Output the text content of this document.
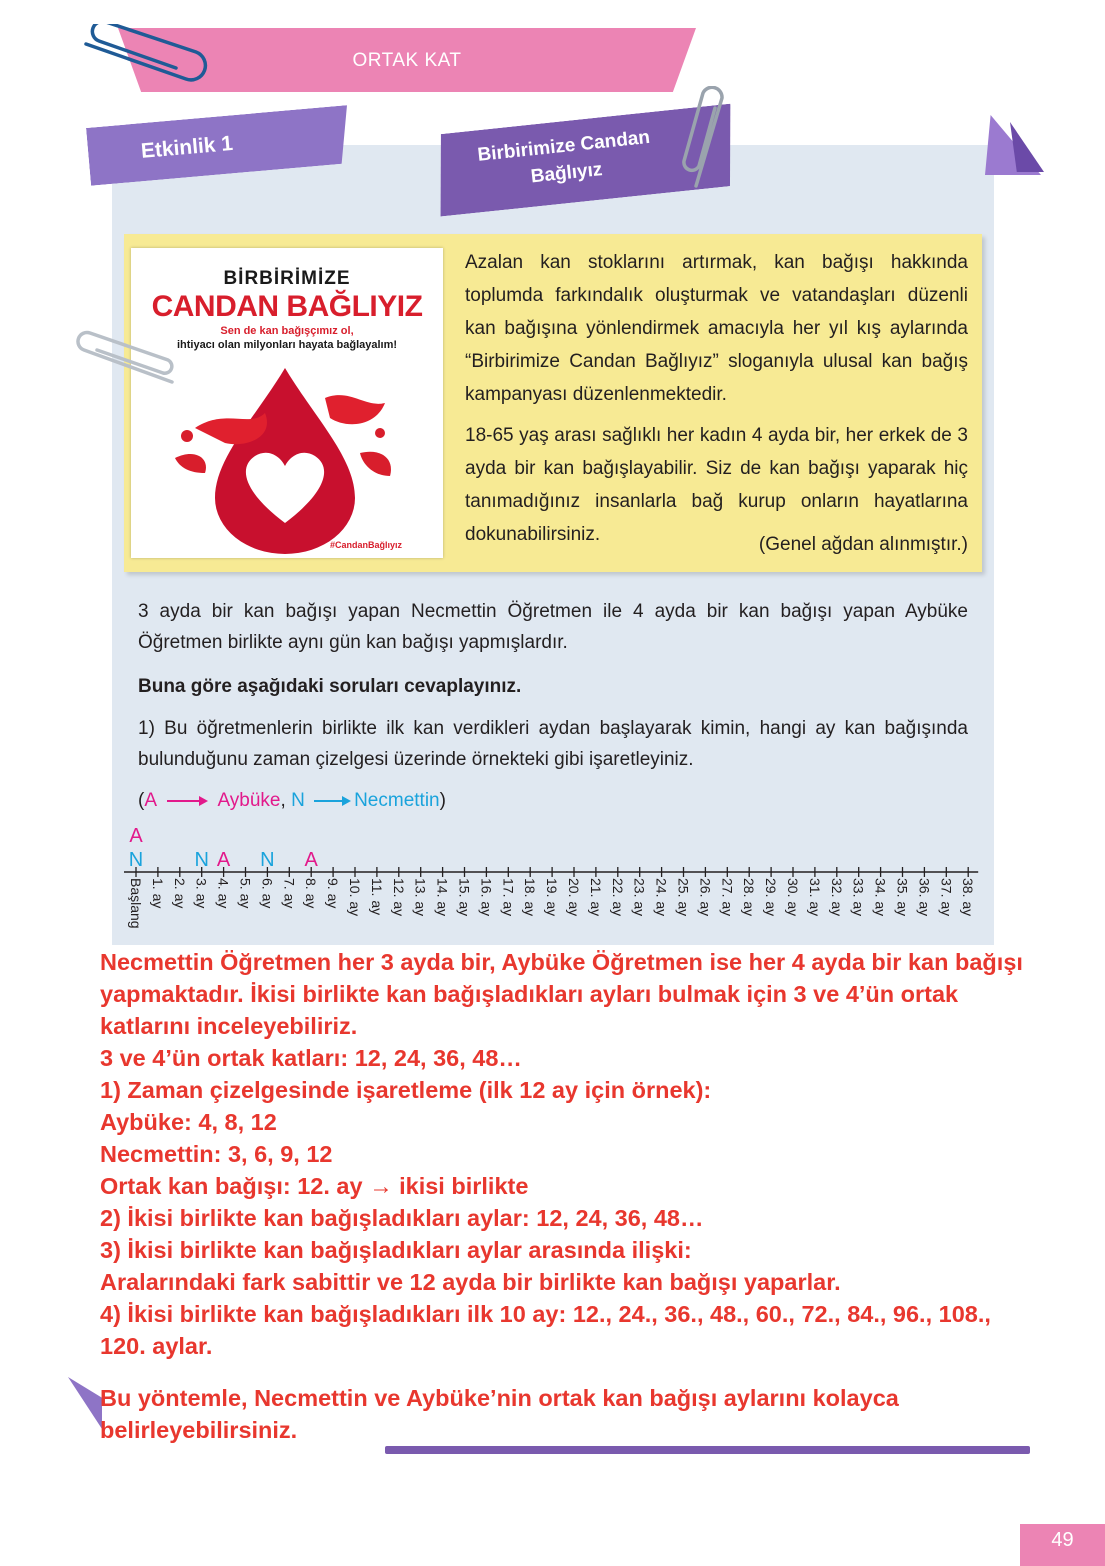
ORTAK KAT
Etkinlik 1	Birbirimize Candan
Bağlıyız
BİRBİRİMİZE
CANDAN BAĞLIYIZ
Sen de kan bağışçımız ol,
ihtiyacı olan milyonları hayata bağlayalım!
#CandanBağlıyız

Azalan kan stoklarını artırmak, kan bağışı hakkında toplumda farkındalık oluşturmak ve vatandaşları düzenli kan bağışına yönlendirmek amacıyla her yıl kış aylarında “Birbirimize Candan Bağlıyız” sloganıyla ulusal kan bağış kampanyası düzenlenmektedir.

18-65 yaş arası sağlıklı her kadın 4 ayda bir, her erkek de 3 ayda bir kan bağışlayabilir. Siz de kan bağışı yaparak hiç tanımadığınız insanlarla bağ kurup onların hayatlarına dokunabilirsiniz.	(Genel ağdan alınmıştır.)
3 ayda bir kan bağışı yapan Necmettin Öğretmen ile 4 ayda bir kan bağışı yapan Aybüke Öğretmen birlikte aynı gün kan bağışı yapmışlardır.
Buna göre aşağıdaki soruları cevaplayınız.
1) Bu öğretmenlerin birlikte ilk kan verdikleri aydan başlayarak kimin, hangi ay kan bağışında bulunduğunu zaman çizelgesi üzerinde örnekteki gibi işaretleyiniz.
(A	Aybüke, N	Necmettin)
Başlang 1. ay 2. ay 3. ay 4. ay 5. ay 6. ay 7. ay 8. ay 9. ay 10. ay 11. ay 12. ay 13. ay 14. ay 15. ay 16. ay 17. ay 18. ay 19. ay 20. ay 21. ay 22. ay 23. ay 24. ay 25. ay 26. ay 27. ay 28. ay 29. ay 30. ay 31. ay 32. ay 33. ay 34. ay 35. ay 36. ay 37. ay 38. ay
N
A
N A N A
Necmettin Öğretmen her 3 ayda bir, Aybüke Öğretmen ise her 4 ayda bir kan bağışı
yapmaktadır. İkisi birlikte kan bağışladıkları ayları bulmak için 3 ve 4’ün ortak
katlarını inceleyebiliriz.
3 ve 4’ün ortak katları: 12, 24, 36, 48…
1) Zaman çizelgesinde işaretleme (ilk 12 ay için örnek):
Aybüke: 4, 8, 12
Necmettin: 3, 6, 9, 12
Ortak kan bağışı: 12. ay → ikisi birlikte
2) İkisi birlikte kan bağışladıkları aylar: 12, 24, 36, 48…
3) İkisi birlikte kan bağışladıkları aylar arasında ilişki:
Aralarındaki fark sabittir ve 12 ayda bir birlikte kan bağışı yaparlar.
4) İkisi birlikte kan bağışladıkları ilk 10 ay: 12., 24., 36., 48., 60., 72., 84., 96., 108.,
120. aylar.
Bu yöntemle, Necmettin ve Aybüke’nin ortak kan bağışı aylarını kolayca belirleyebilirsiniz.
49
